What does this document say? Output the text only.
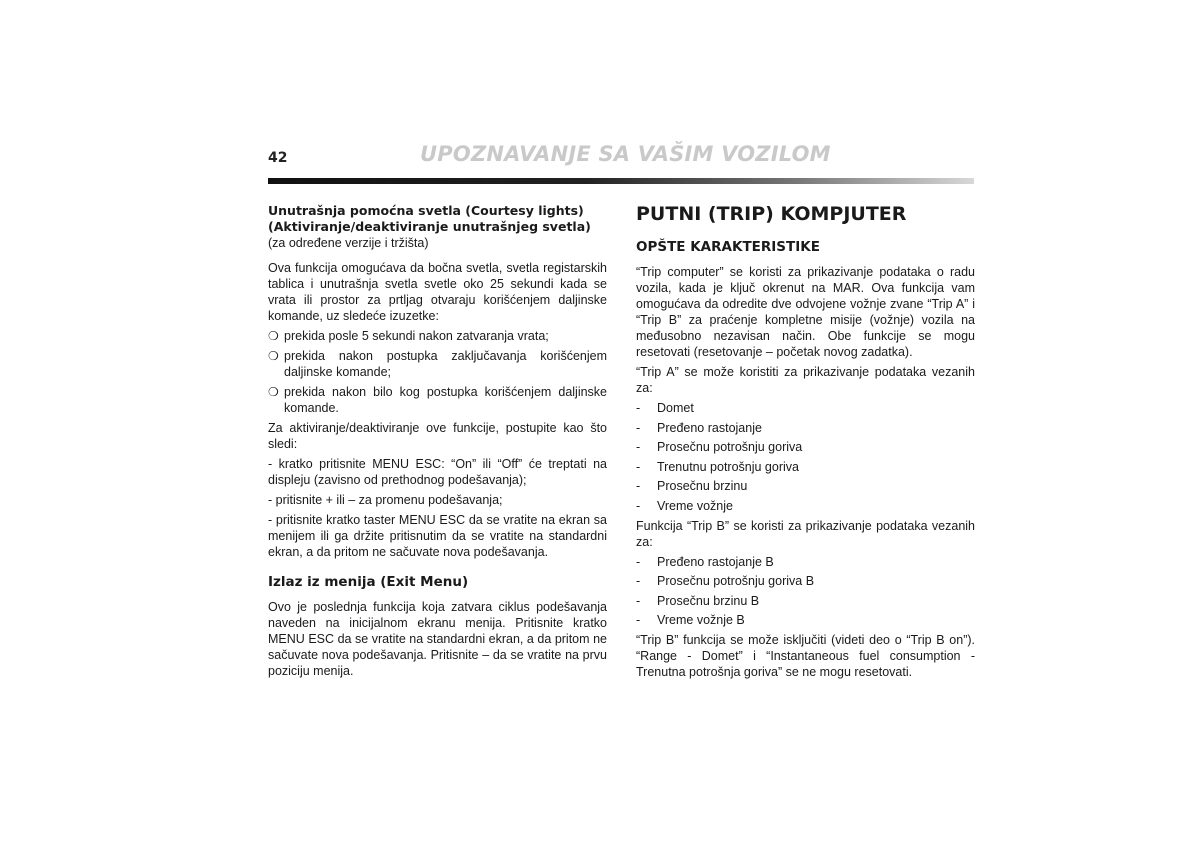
42	UPOZNAVANJE SA VAŠIM VOZILOM
Unutrašnja pomoćna svetla (Courtesy lights)
(Aktiviranje/deaktiviranje unutrašnjeg svetla)

(za određene verzije i tržišta)

Ova funkcija omogućava da bočna svetla, svetla registarskih tablica i unutrašnja svetla svetle oko 25 sekundi kada se vrata ili prostor za prtljag otvaraju korišćenjem daljinske komande, uz sledeće izuzetke:

❍ prekida posle 5 sekundi nakon zatvaranja vrata;
❍ prekida nakon postupka zaključavanja korišćenjem daljinske komande;
❍ prekida nakon bilo kog postupka korišćenjem daljinske komande.

Za aktiviranje/deaktiviranje ove funkcije, postupite kao što sledi:

- kratko pritisnite MENU ESC: “On” ili “Off” će treptati na displeju (zavisno od prethodnog podešavanja);

- pritisnite + ili – za promenu podešavanja;

- pritisnite kratko taster MENU ESC da se vratite na ekran sa menijem ili ga držite pritisnutim da se vratite na standardni ekran, a da pritom ne sačuvate nova podešavanja.

Izlaz iz menija (Exit Menu)

Ovo je poslednja funkcija koja zatvara ciklus podešavanja naveden na inicijalnom ekranu menija. Pritisnite kratko MENU ESC da se vratite na standardni ekran, a da pritom ne sačuvate nova podešavanja. Pritisnite – da se vratite na prvu poziciju menija.

PUTNI (TRIP) KOMPJUTER
OPŠTE KARAKTERISTIKE

“Trip computer” se koristi za prikazivanje podataka o radu vozila, kada je ključ okrenut na MAR. Ova funkcija vam omogućava da odredite dve odvojene vožnje zvane “Trip A” i “Trip B” za praćenje kompletne misije (vožnje) vozila na međusobno nezavisan način. Obe funkcije se mogu resetovati (resetovanje – početak novog zadatka).

“Trip A” se može koristiti za prikazivanje podataka vezanih za:

-	Domet
-	Pređeno rastojanje
-	Prosečnu potrošnju goriva
-	Trenutnu potrošnju goriva
-	Prosečnu brzinu
-	Vreme vožnje

Funkcija “Trip B” se koristi za prikazivanje podataka vezanih za:

-	Pređeno rastojanje B
-	Prosečnu potrošnju goriva B
-	Prosečnu brzinu B
-	Vreme vožnje B

“Trip B” funkcija se može isključiti (videti deo o “Trip B on”). “Range - Domet” i “Instantaneous fuel consumption - Trenutna potrošnja goriva” se ne mogu resetovati.
